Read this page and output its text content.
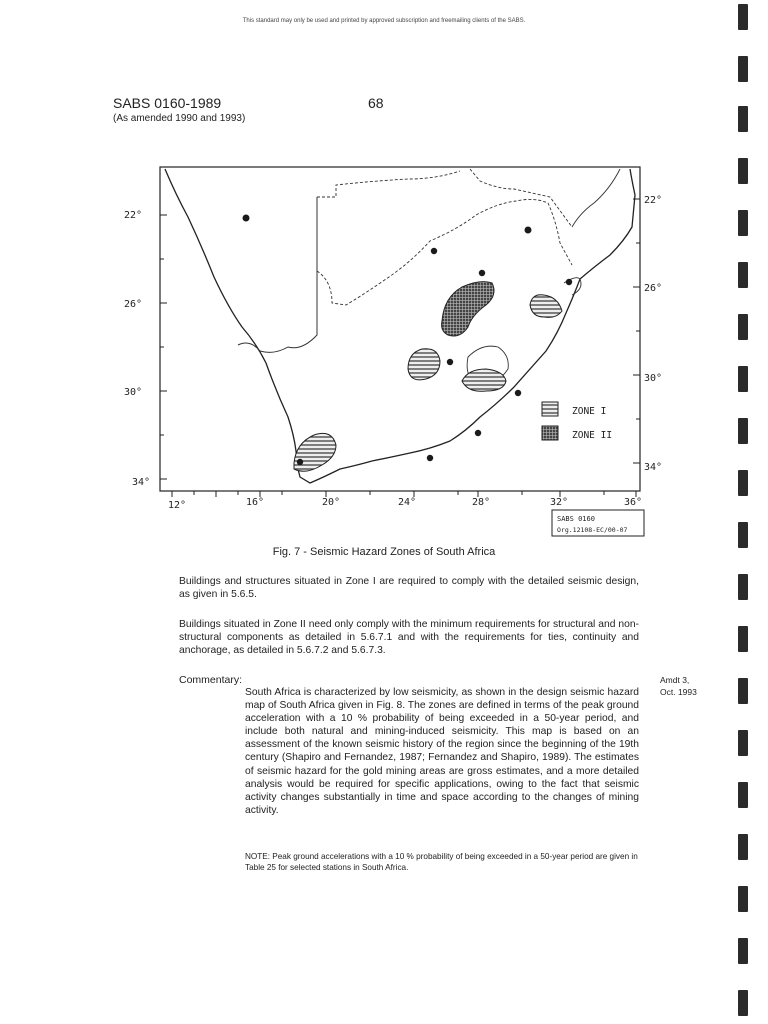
This standard may only be used and printed by approved subscription and freemailing clients of the SABS.
SABS 0160-1989
(As amended 1990 and 1993)
68
22°
26°
30°
34°
22°
26°
30°
34°
12°	16°	20°	24°	28°	32°	36°
ZONE I
ZONE II
SABS 0160
Org.12108-EC/00-07
Fig. 7 - Seismic Hazard Zones of South Africa
Buildings and structures situated in Zone I are required to comply with the detailed seismic design, as given in 5.6.5.
Buildings situated in Zone II need only comply with the minimum requirements for structural and non-structural components as detailed in 5.6.7.1 and with the requirements for ties, continuity and anchorage, as detailed in 5.6.7.2 and 5.6.7.3.
Commentary:
South Africa is characterized by low seismicity, as shown in the design seismic hazard map of South Africa given in Fig. 8. The zones are defined in terms of the peak ground acceleration with a 10 % probability of being exceeded in a 50-year period, and include both natural and mining-induced seismicity. This map is based on an assessment of the known seismic history of the region since the beginning of the 19th century (Shapiro and Fernandez, 1987; Fernandez and Shapiro, 1989). The estimates of seismic hazard for the gold mining areas are gross estimates, and a more detailed analysis would be required for specific applications, owing to the fact that seismic activity changes substantially in time and space according to the changes of mining activity.
NOTE: Peak ground accelerations with a 10 % probability of being exceeded in a 50-year period are given in Table 25 for selected stations in South Africa.
Amdt 3,
Oct. 1993
